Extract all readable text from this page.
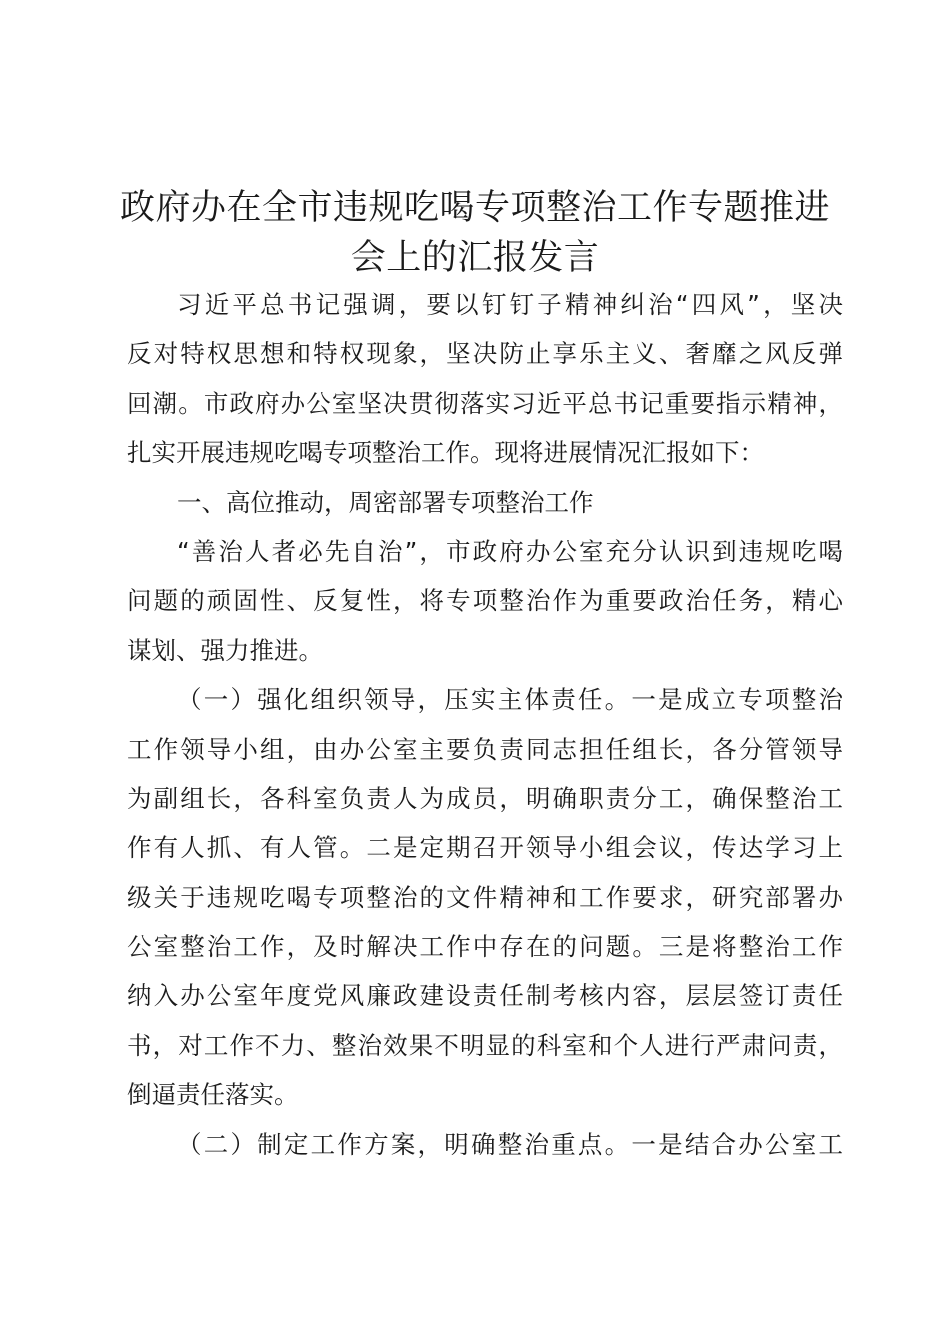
政府办在全市违规吃喝专项整治工作专题推进
会上的汇报发言
习近平总书记强调，要以钉钉子精神纠治“四风”，坚决
反对特权思想和特权现象，坚决防止享乐主义、奢靡之风反弹
回潮。市政府办公室坚决贯彻落实习近平总书记重要指示精神，
扎实开展违规吃喝专项整治工作。现将进展情况汇报如下：
一、高位推动，周密部署专项整治工作
“善治人者必先自治”，市政府办公室充分认识到违规吃喝
问题的顽固性、反复性，将专项整治作为重要政治任务，精心
谋划、强力推进。
（一）强化组织领导，压实主体责任。一是成立专项整治
工作领导小组，由办公室主要负责同志担任组长，各分管领导
为副组长，各科室负责人为成员，明确职责分工，确保整治工
作有人抓、有人管。二是定期召开领导小组会议，传达学习上
级关于违规吃喝专项整治的文件精神和工作要求，研究部署办
公室整治工作，及时解决工作中存在的问题。三是将整治工作
纳入办公室年度党风廉政建设责任制考核内容，层层签订责任
书，对工作不力、整治效果不明显的科室和个人进行严肃问责，
倒逼责任落实。
（二）制定工作方案，明确整治重点。一是结合办公室工
